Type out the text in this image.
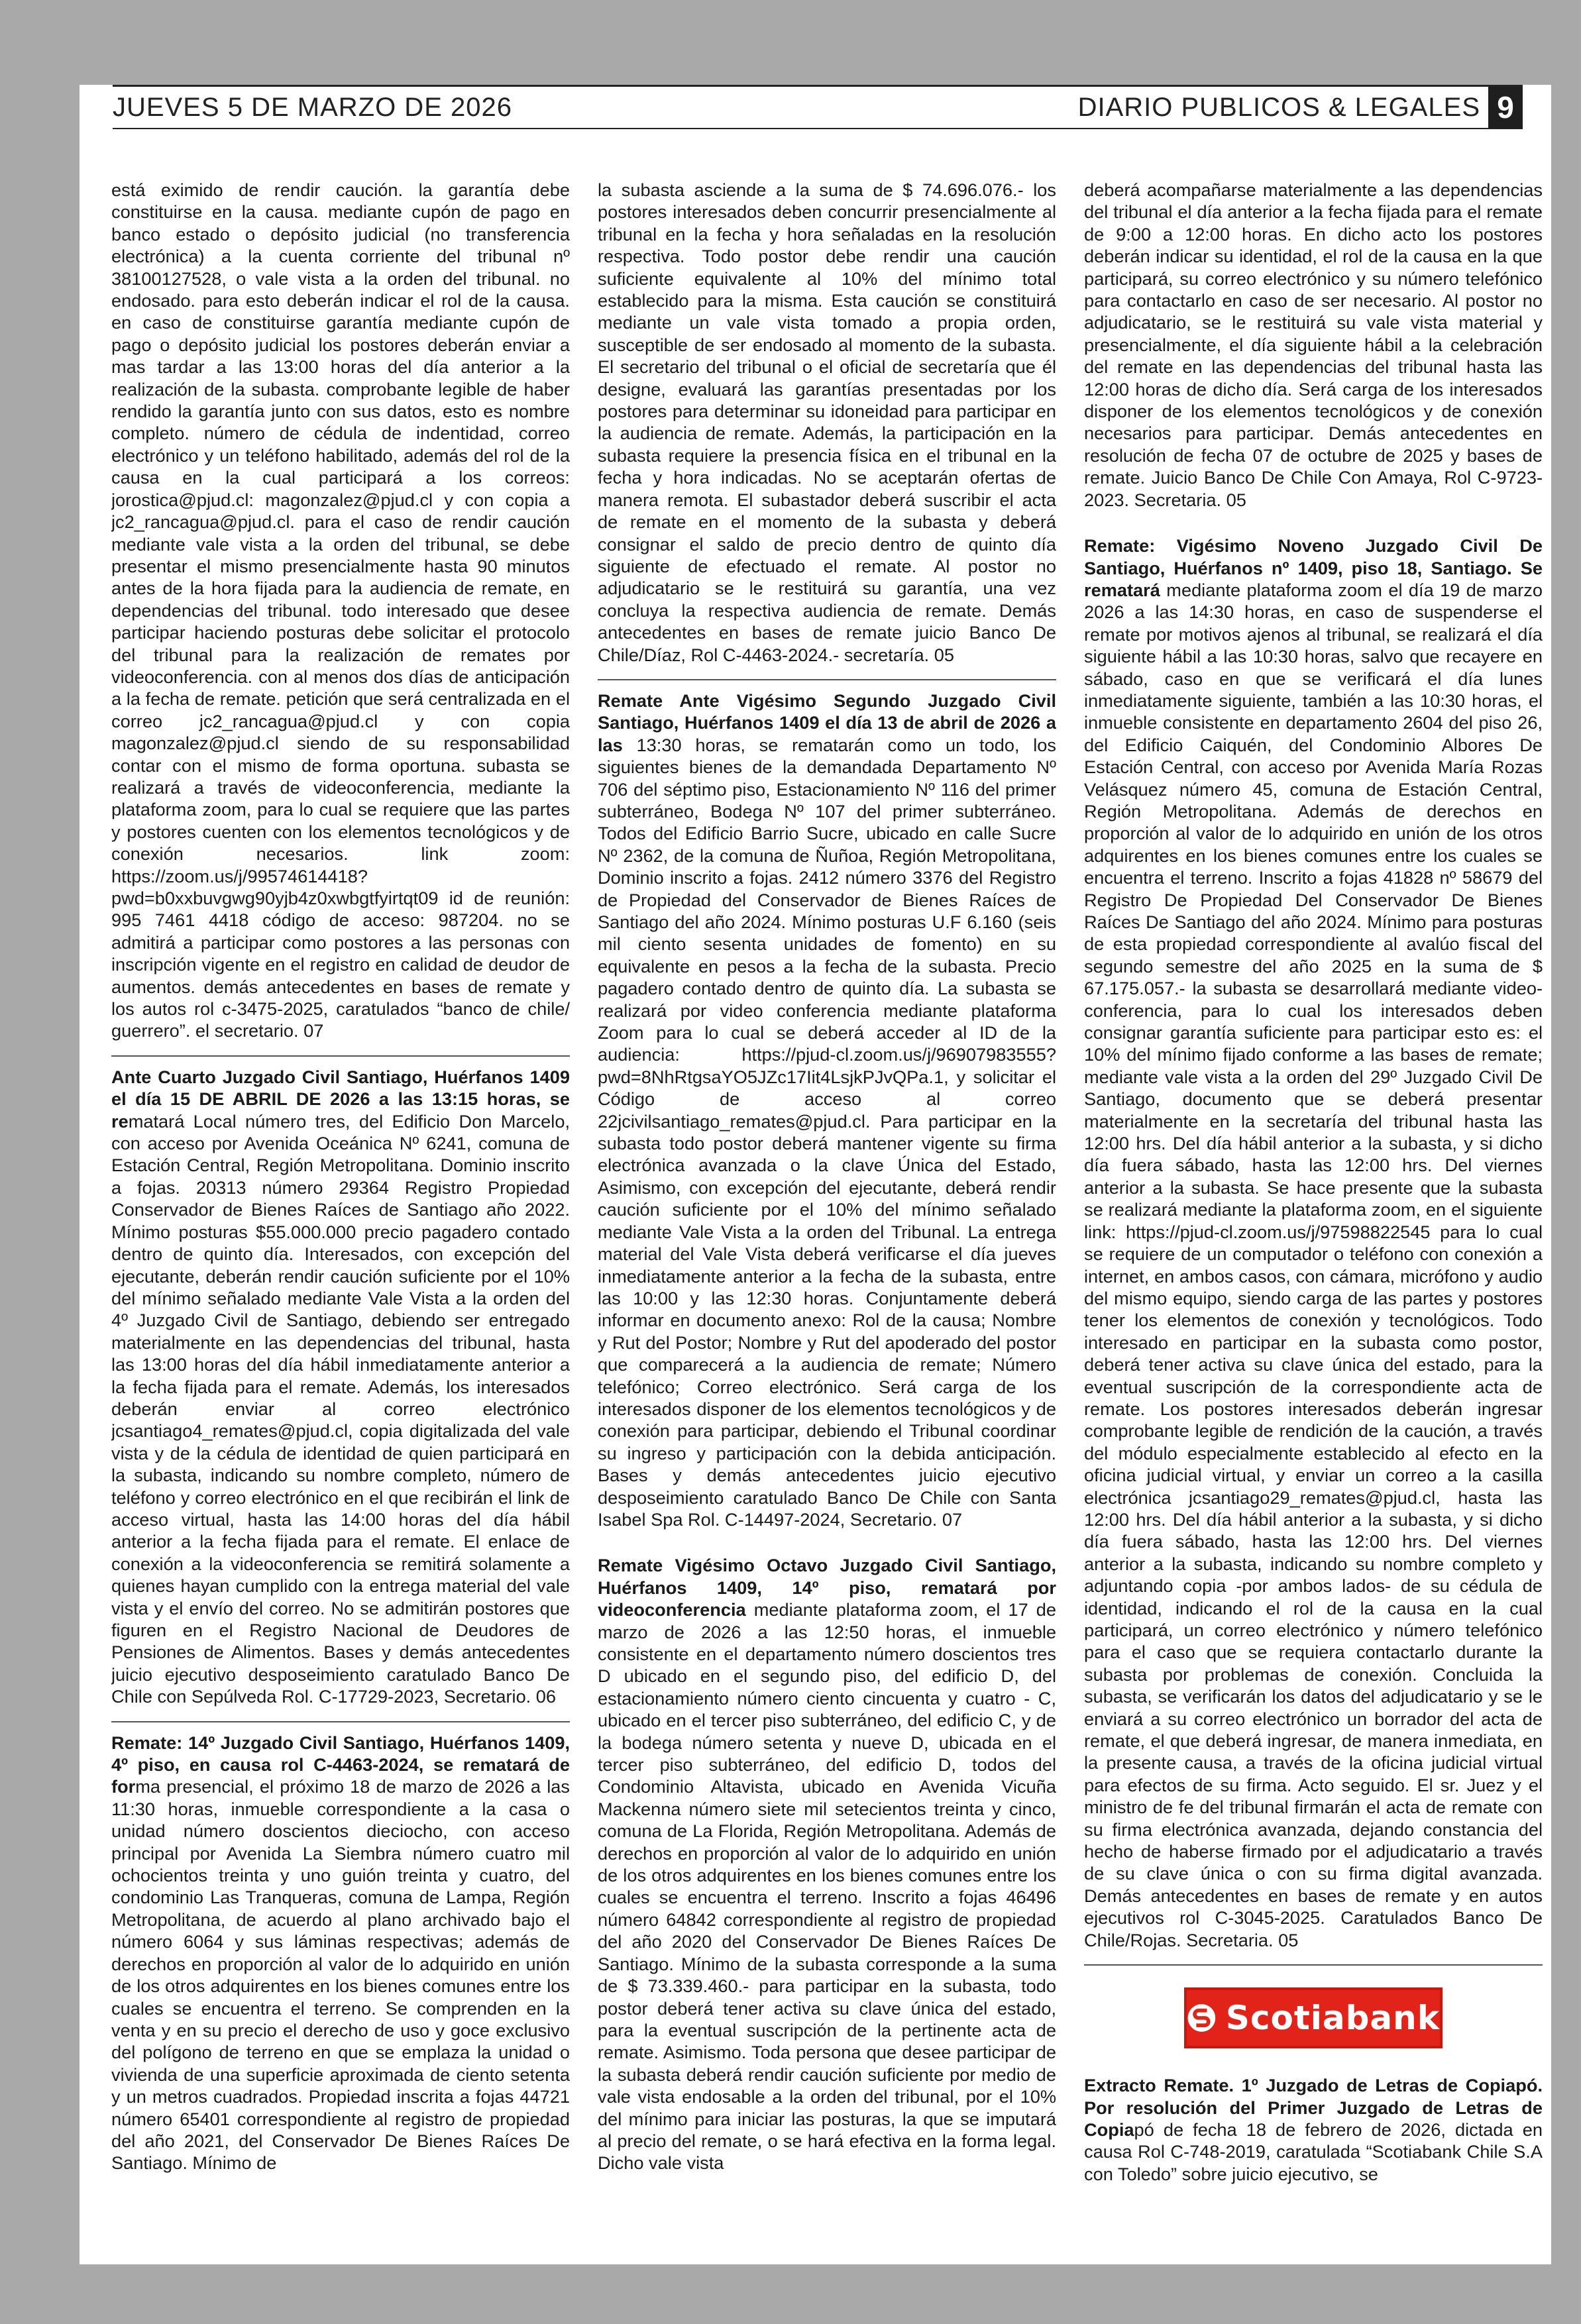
JUEVES 5 DE MARZO DE 2026	DIARIO PUBLICOS & LEGALES 9

está eximido de rendir caución. la garantía debe constituirse en la causa. mediante cupón de pago en banco estado o depósito judicial (no transferencia electrónica) a la cuenta corriente del tribunal nº 38100127528, o vale vista a la orden del tribunal. no endosado. para esto deberán indicar el rol de la causa. en caso de constituirse garantía mediante cupón de pago o depósito judicial los postores deberán enviar a mas tardar a las 13:00 horas del día anterior a la realización de la subasta. comprobante legible de haber rendido la garantía junto con sus datos, esto es nombre completo. número de cédula de indentidad, correo electrónico y un teléfono habilitado, además del rol de la causa en la cual participará a los correos: jorostica@pjud.cl: magonzalez@pjud.cl y con copia a jc2_rancagua@pjud.cl. para el caso de rendir caución mediante vale vista a la orden del tribunal, se debe presentar el mismo presencialmente hasta 90 minutos antes de la hora fijada para la audiencia de remate, en dependencias del tribunal. todo interesado que desee participar haciendo posturas debe solicitar el protocolo del tribunal para la realización de remates por videoconferencia. con al menos dos días de anticipación a la fecha de remate. petición que será centralizada en el correo jc2_rancagua@pjud.cl y con copia magonzalez@pjud.cl siendo de su responsabilidad contar con el mismo de forma oportuna. subasta se realizará a través de videoconferencia, mediante la plataforma zoom, para lo cual se requiere que las partes y postores cuenten con los elementos tecnológicos y de conexión necesarios. link zoom: https://zoom.us/j/99574614418?pwd=b0xxbuvgwg90yjb4z0xwbgtfyirtqt09 id de reunión: 995 7461 4418 código de acceso: 987204. no se admitirá a participar como postores a las personas con inscripción vigente en el registro en calidad de deudor de aumentos. demás antecedentes en bases de remate y los autos rol c-3475-2025, caratulados “banco de chile/ guerrero”. el secretario. 07

Ante Cuarto Juzgado Civil Santiago, Huérfanos 1409 el día 15 DE ABRIL DE 2026 a las 13:15 horas, se rematará Local número tres, del Edificio Don Marcelo, con acceso por Avenida Oceánica Nº 6241, comuna de Estación Central, Región Metropolitana. Dominio inscrito a fojas. 20313 número 29364 Registro Propiedad Conservador de Bienes Raíces de Santiago año 2022. Mínimo posturas $55.000.000 precio pagadero contado dentro de quinto día. Interesados, con excepción del ejecutante, deberán rendir caución suficiente por el 10% del mínimo señalado mediante Vale Vista a la orden del 4º Juzgado Civil de Santiago, debiendo ser entregado materialmente en las dependencias del tribunal, hasta las 13:00 horas del día hábil inmediatamente anterior a la fecha fijada para el remate. Además, los interesados deberán enviar al correo electrónico jcsantiago4_remates@pjud.cl, copia digitalizada del vale vista y de la cédula de identidad de quien participará en la subasta, indicando su nombre completo, número de teléfono y correo electrónico en el que recibirán el link de acceso virtual, hasta las 14:00 horas del día hábil anterior a la fecha fijada para el remate. El enlace de conexión a la videoconferencia se remitirá solamente a quienes hayan cumplido con la entrega material del vale vista y el envío del correo. No se admitirán postores que figuren en el Registro Nacional de Deudores de Pensiones de Alimentos. Bases y demás antecedentes juicio ejecutivo desposeimiento caratulado Banco De Chile con Sepúlveda Rol. C-17729-2023, Secretario. 06

Remate: 14º Juzgado Civil Santiago, Huérfanos 1409, 4º piso, en causa rol C-4463-2024, se rematará de forma presencial, el próximo 18 de marzo de 2026 a las 11:30 horas, inmueble correspondiente a la casa o unidad número doscientos dieciocho, con acceso principal por Avenida La Siembra número cuatro mil ochocientos treinta y uno guión treinta y cuatro, del condominio Las Tranqueras, comuna de Lampa, Región Metropolitana, de acuerdo al plano archivado bajo el número 6064 y sus láminas respectivas; además de derechos en proporción al valor de lo adquirido en unión de los otros adquirentes en los bienes comunes entre los cuales se encuentra el terreno. Se comprenden en la venta y en su precio el derecho de uso y goce exclusivo del polígono de terreno en que se emplaza la unidad o vivienda de una superficie aproximada de ciento setenta y un metros cuadrados. Propiedad inscrita a fojas 44721 número 65401 correspondiente al registro de propiedad del año 2021, del Conservador De Bienes Raíces De Santiago. Mínimo de

la subasta asciende a la suma de $ 74.696.076.- los postores interesados deben concurrir presencialmente al tribunal en la fecha y hora señaladas en la resolución respectiva. Todo postor debe rendir una caución suficiente equivalente al 10% del mínimo total establecido para la misma. Esta caución se constituirá mediante un vale vista tomado a propia orden, susceptible de ser endosado al momento de la subasta. El secretario del tribunal o el oficial de secretaría que él designe, evaluará las garantías presentadas por los postores para determinar su idoneidad para participar en la audiencia de remate. Además, la participación en la subasta requiere la presencia física en el tribunal en la fecha y hora indicadas. No se aceptarán ofertas de manera remota. El subastador deberá suscribir el acta de remate en el momento de la subasta y deberá consignar el saldo de precio dentro de quinto día siguiente de efectuado el remate. Al postor no adjudicatario se le restituirá su garantía, una vez concluya la respectiva audiencia de remate. Demás antecedentes en bases de remate juicio Banco De Chile/Díaz, Rol C-4463-2024.- secretaría. 05

Remate Ante Vigésimo Segundo Juzgado Civil Santiago, Huérfanos 1409 el día 13 de abril de 2026 a las 13:30 horas, se rematarán como un todo, los siguientes bienes de la demandada Departamento Nº 706 del séptimo piso, Estacionamiento Nº 116 del primer subterráneo, Bodega Nº 107 del primer subterráneo. Todos del Edificio Barrio Sucre, ubicado en calle Sucre Nº 2362, de la comuna de Ñuñoa, Región Metropolitana, Dominio inscrito a fojas. 2412 número 3376 del Registro de Propiedad del Conservador de Bienes Raíces de Santiago del año 2024. Mínimo posturas U.F 6.160 (seis mil ciento sesenta unidades de fomento) en su equivalente en pesos a la fecha de la subasta. Precio pagadero contado dentro de quinto día. La subasta se realizará por video conferencia mediante plataforma Zoom para lo cual se deberá acceder al ID de la audiencia: https://pjud-cl.zoom.us/j/96907983555?pwd=8NhRtgsaYO5JZc17Iit4LsjkPJvQPa.1, y solicitar el Código de acceso al correo 22jcivilsantiago_remates@pjud.cl. Para participar en la subasta todo postor deberá mantener vigente su firma electrónica avanzada o la clave Única del Estado, Asimismo, con excepción del ejecutante, deberá rendir caución suficiente por el 10% del mínimo señalado mediante Vale Vista a la orden del Tribunal. La entrega material del Vale Vista deberá verificarse el día jueves inmediatamente anterior a la fecha de la subasta, entre las 10:00 y las 12:30 horas. Conjuntamente deberá informar en documento anexo: Rol de la causa; Nombre y Rut del Postor; Nombre y Rut del apoderado del postor que comparecerá a la audiencia de remate; Número telefónico; Correo electrónico. Será carga de los interesados disponer de los elementos tecnológicos y de conexión para participar, debiendo el Tribunal coordinar su ingreso y participación con la debida anticipación. Bases y demás antecedentes juicio ejecutivo desposeimiento caratulado Banco De Chile con Santa Isabel Spa Rol. C-14497-2024, Secretario. 07

Remate Vigésimo Octavo Juzgado Civil Santiago, Huérfanos 1409, 14º piso, rematará por videoconferencia mediante plataforma zoom, el 17 de marzo de 2026 a las 12:50 horas, el inmueble consistente en el departamento número doscientos tres D ubicado en el segundo piso, del edificio D, del estacionamiento número ciento cincuenta y cuatro - C, ubicado en el tercer piso subterráneo, del edificio C, y de la bodega número setenta y nueve D, ubicada en el tercer piso subterráneo, del edificio D, todos del Condominio Altavista, ubicado en Avenida Vicuña Mackenna número siete mil setecientos treinta y cinco, comuna de La Florida, Región Metropolitana. Además de derechos en proporción al valor de lo adquirido en unión de los otros adquirentes en los bienes comunes entre los cuales se encuentra el terreno. Inscrito a fojas 46496 número 64842 correspondiente al registro de propiedad del año 2020 del Conservador De Bienes Raíces De Santiago. Mínimo de la subasta corresponde a la suma de $ 73.339.460.- para participar en la subasta, todo postor deberá tener activa su clave única del estado, para la eventual suscripción de la pertinente acta de remate. Asimismo. Toda persona que desee participar de la subasta deberá rendir caución suficiente por medio de vale vista endosable a la orden del tribunal, por el 10% del mínimo para iniciar las posturas, la que se imputará al precio del remate, o se hará efectiva en la forma legal. Dicho vale vista

deberá acompañarse materialmente a las dependencias del tribunal el día anterior a la fecha fijada para el remate de 9:00 a 12:00 horas. En dicho acto los postores deberán indicar su identidad, el rol de la causa en la que participará, su correo electrónico y su número telefónico para contactarlo en caso de ser necesario. Al postor no adjudicatario, se le restituirá su vale vista material y presencialmente, el día siguiente hábil a la celebración del remate en las dependencias del tribunal hasta las 12:00 horas de dicho día. Será carga de los interesados disponer de los elementos tecnológicos y de conexión necesarios para participar. Demás antecedentes en resolución de fecha 07 de octubre de 2025 y bases de remate. Juicio Banco De Chile Con Amaya, Rol C-9723-2023. Secretaria. 05

Remate: Vigésimo Noveno Juzgado Civil De Santiago, Huérfanos nº 1409, piso 18, Santiago. Se rematará mediante plataforma zoom el día 19 de marzo 2026 a las 14:30 horas, en caso de suspenderse el remate por motivos ajenos al tribunal, se realizará el día siguiente hábil a las 10:30 horas, salvo que recayere en sábado, caso en que se verificará el día lunes inmediatamente siguiente, también a las 10:30 horas, el inmueble consistente en departamento 2604 del piso 26, del Edificio Caiquén, del Condominio Albores De Estación Central, con acceso por Avenida María Rozas Velásquez número 45, comuna de Estación Central, Región Metropolitana. Además de derechos en proporción al valor de lo adquirido en unión de los otros adquirentes en los bienes comunes entre los cuales se encuentra el terreno. Inscrito a fojas 41828 nº 58679 del Registro De Propiedad Del Conservador De Bienes Raíces De Santiago del año 2024. Mínimo para posturas de esta propiedad correspondiente al avalúo fiscal del segundo semestre del año 2025 en la suma de $ 67.175.057.- la subasta se desarrollará mediante video-conferencia, para lo cual los interesados deben consignar garantía suficiente para participar esto es: el 10% del mínimo fijado conforme a las bases de remate; mediante vale vista a la orden del 29º Juzgado Civil De Santiago, documento que se deberá presentar materialmente en la secretaría del tribunal hasta las 12:00 hrs. Del día hábil anterior a la subasta, y si dicho día fuera sábado, hasta las 12:00 hrs. Del viernes anterior a la subasta. Se hace presente que la subasta se realizará mediante la plataforma zoom, en el siguiente link: https://pjud-cl.zoom.us/j/97598822545 para lo cual se requiere de un computador o teléfono con conexión a internet, en ambos casos, con cámara, micrófono y audio del mismo equipo, siendo carga de las partes y postores tener los elementos de conexión y tecnológicos. Todo interesado en participar en la subasta como postor, deberá tener activa su clave única del estado, para la eventual suscripción de la correspondiente acta de remate. Los postores interesados deberán ingresar comprobante legible de rendición de la caución, a través del módulo especialmente establecido al efecto en la oficina judicial virtual, y enviar un correo a la casilla electrónica jcsantiago29_remates@pjud.cl, hasta las 12:00 hrs. Del día hábil anterior a la subasta, y si dicho día fuera sábado, hasta las 12:00 hrs. Del viernes anterior a la subasta, indicando su nombre completo y adjuntando copia -por ambos lados- de su cédula de identidad, indicando el rol de la causa en la cual participará, un correo electrónico y número telefónico para el caso que se requiera contactarlo durante la subasta por problemas de conexión. Concluida la subasta, se verificarán los datos del adjudicatario y se le enviará a su correo electrónico un borrador del acta de remate, el que deberá ingresar, de manera inmediata, en la presente causa, a través de la oficina judicial virtual para efectos de su firma. Acto seguido. El sr. Juez y el ministro de fe del tribunal firmarán el acta de remate con su firma electrónica avanzada, dejando constancia del hecho de haberse firmado por el adjudicatario a través de su clave única o con su firma digital avanzada. Demás antecedentes en bases de remate y en autos ejecutivos rol C-3045-2025. Caratulados Banco De Chile/Rojas. Secretaria. 05

Scotiabank

Extracto Remate. 1º Juzgado de Letras de Copiapó. Por resolución del Primer Juzgado de Letras de Copiapó de fecha 18 de febrero de 2026, dictada en causa Rol C-748-2019, caratulada “Scotiabank Chile S.A con Toledo” sobre juicio ejecutivo, se
